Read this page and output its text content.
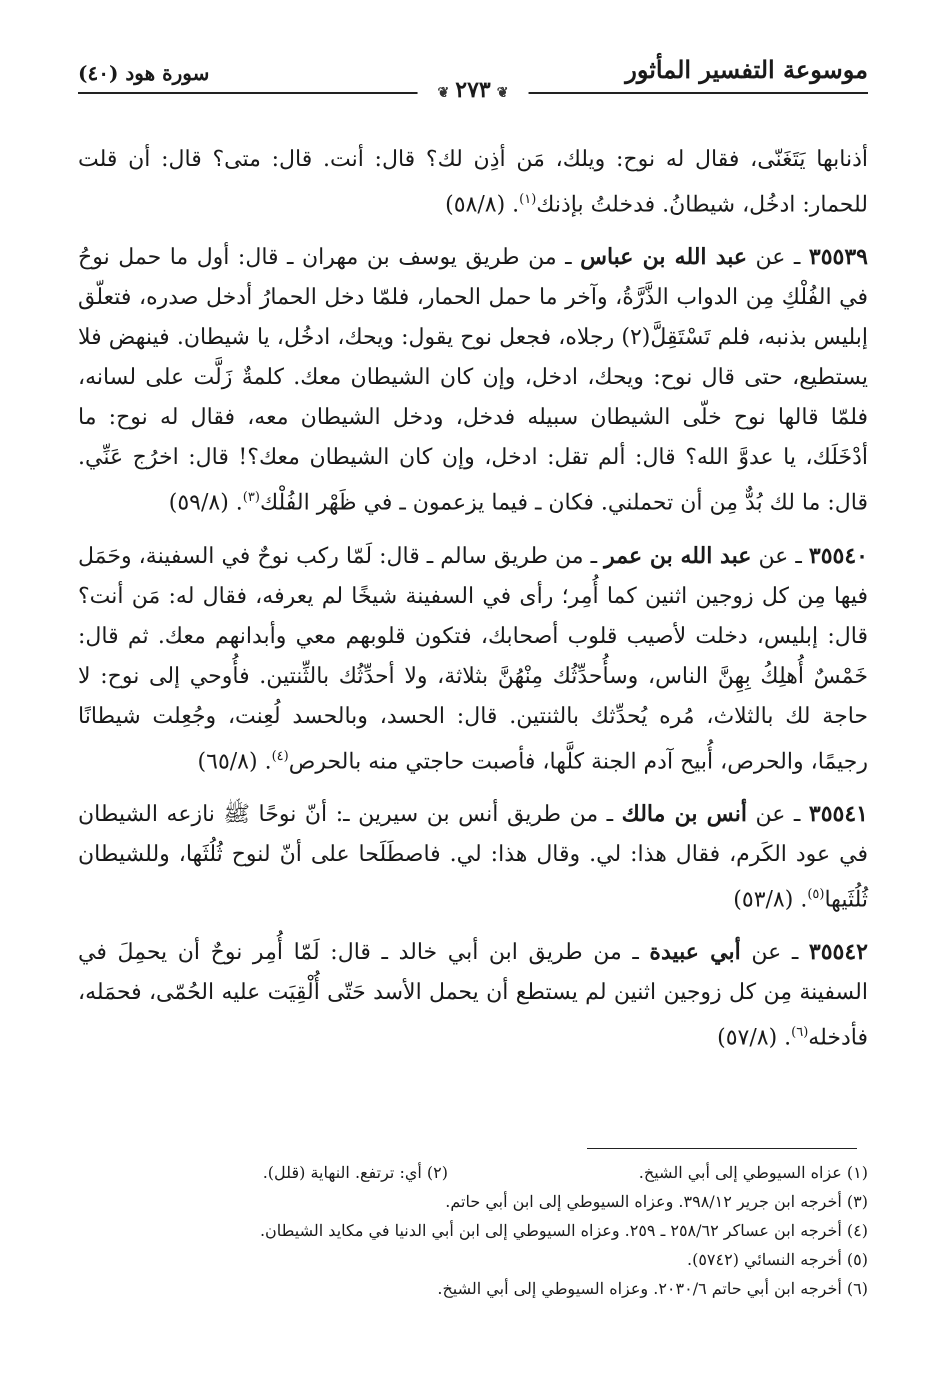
موسوعة التفسير المأثور
❦ ٢٧٣ ❦
سورة هود (٤٠)

أذنابها يَتَغَنّى، فقال له نوح: ويلك، مَن أذِن لك؟ قال: أنت. قال: متى؟ قال: أن قلت للحمار: ادخُل، شيطانُ. فدخلتُ بإذنك$^{(١)}$. (٥٨/٨)

٣٥٥٣٩ ـ عن عبد الله بن عباس ـ من طريق يوسف بن مهران ـ قال: أول ما حمل نوحُ في الفُلْكِ مِن الدواب الذَّرَّةُ، وآخر ما حمل الحمار، فلمّا دخل الحمارُ أدخل صدره، فتعلّق إبليس بذنبه، فلم تَسْتَقِلَّ(٢) رجلاه، فجعل نوح يقول: ويحك، ادخُل، يا شيطان. فينهض فلا يستطيع، حتى قال نوح: ويحك، ادخل، وإن كان الشيطان معك. كلمةٌ زَلَّت على لسانه، فلمّا قالها نوح خلّى الشيطان سبيله فدخل، ودخل الشيطان معه، فقال له نوح: ما أدْخَلَك، يا عدوَّ الله؟ قال: ألم تقل: ادخل، وإن كان الشيطان معك؟! قال: اخرُج عَنِّي. قال: ما لك بُدٌّ مِن أن تحملني. فكان ـ فيما يزعمون ـ في ظَهْر الفُلْك$^{(٣)}$. (٥٩/٨)

٣٥٥٤٠ ـ عن عبد الله بن عمر ـ من طريق سالم ـ قال: لَمّا ركب نوحٌ في السفينة، وحَمَل فيها مِن كل زوجين اثنين كما أُمِر؛ رأى في السفينة شيخًا لم يعرفه، فقال له: مَن أنت؟ قال: إبليس، دخلت لأصيب قلوب أصحابك، فتكون قلوبهم معي وأبدانهم معك. ثم قال: خَمْسٌ أُهلِكُ بِهِنَّ الناس، وسأُحدِّثُك مِنْهُنَّ بثلاثة، ولا أحدِّثُك بالثِّنتين. فأُوحي إلى نوح: لا حاجة لك بالثلاث، مُره يُحدِّثك بالثنتين. قال: الحسد، وبالحسد لُعِنت، وجُعِلت شيطانًا رجيمًا، والحرص، أُبيح آدم الجنة كلَّها، فأصبت حاجتي منه بالحرص$^{(٤)}$. (٦٥/٨)

٣٥٥٤١ ـ عن أنس بن مالك ـ من طريق أنس بن سيرين ـ: أنّ نوحًا ﷺ نازعه الشيطان في عود الكَرم، فقال هذا: لي. وقال هذا: لي. فاصطَلَحا على أنّ لنوح ثُلُثَها، وللشيطان ثُلُثَيها$^{(٥)}$. (٥٣/٨)

٣٥٥٤٢ ـ عن أبي عبيدة ـ من طريق ابن أبي خالد ـ قال: لَمّا أُمِر نوحٌ أن يحمِلَ في السفينة مِن كل زوجين اثنين لم يستطع أن يحمل الأسد حَتّى أُلْقِيَت عليه الحُمّى، فحمَله، فأدخله$^{(٦)}$. (٥٧/٨)

(١) عزاه السيوطي إلى أبي الشيخ.
(٢) أي: ترتفع. النهاية (قلل).
(٣) أخرجه ابن جرير ٣٩٨/١٢. وعزاه السيوطي إلى ابن أبي حاتم.
(٤) أخرجه ابن عساكر ٢٥٨/٦٢ ـ ٢٥٩. وعزاه السيوطي إلى ابن أبي الدنيا في مكايد الشيطان.
(٥) أخرجه النسائي (٥٧٤٢).
(٦) أخرجه ابن أبي حاتم ٢٠٣٠/٦. وعزاه السيوطي إلى أبي الشيخ.
